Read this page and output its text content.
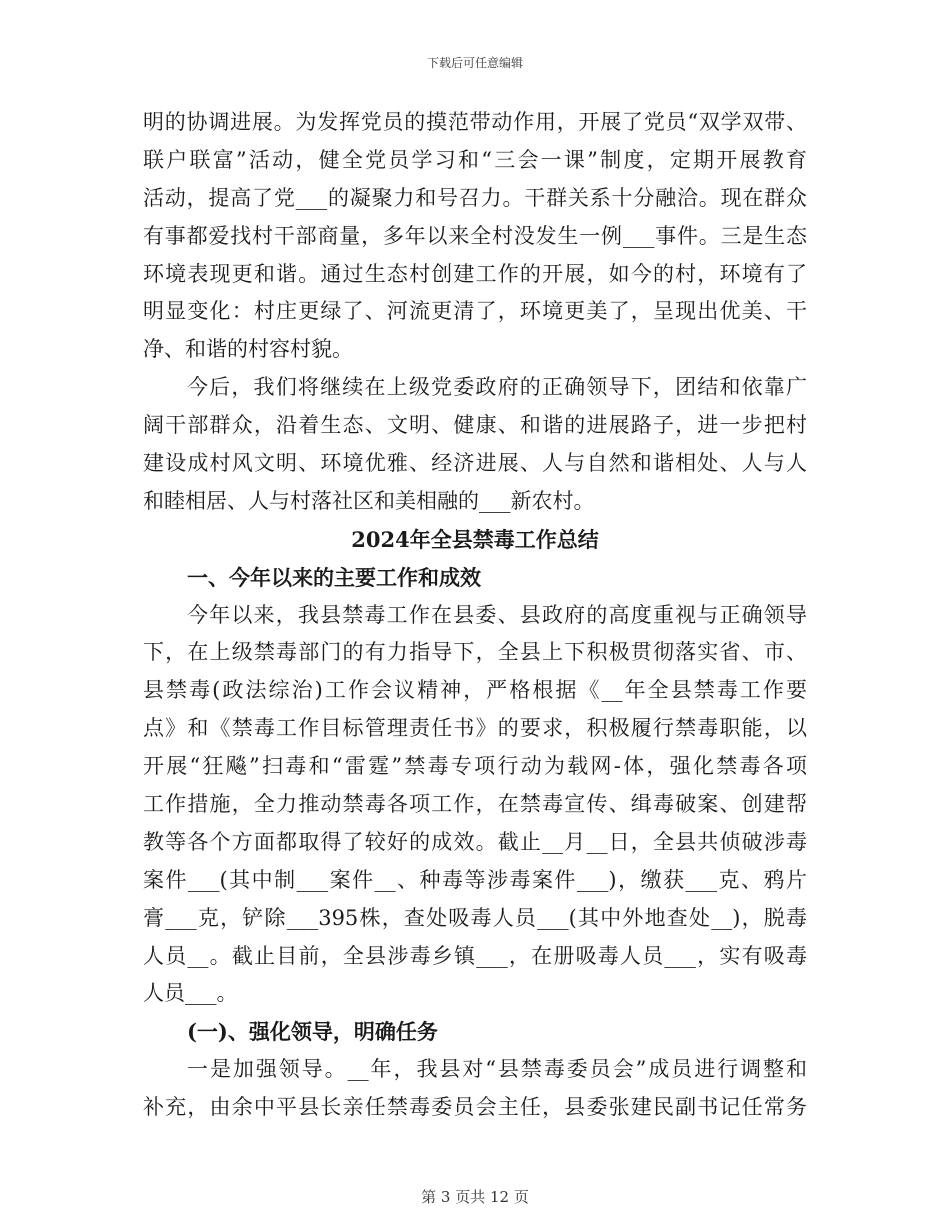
下载后可任意编辑
明的协调进展。为发挥党员的摸范带动作用，开展了党员“双学双带、
联户联富”活动，健全党员学习和“三会一课”制度，定期开展教育
活动，提高了党___的凝聚力和号召力。干群关系十分融洽。现在群众
有事都爱找村干部商量，多年以来全村没发生一例___事件。三是生态
环境表现更和谐。通过生态村创建工作的开展，如今的村，环境有了
明显变化：村庄更绿了、河流更清了，环境更美了，呈现出优美、干
净、和谐的村容村貌。
今后，我们将继续在上级党委政府的正确领导下，团结和依靠广
阔干部群众，沿着生态、文明、健康、和谐的进展路子，进一步把村
建设成村风文明、环境优雅、经济进展、人与自然和谐相处、人与人
和睦相居、人与村落社区和美相融的___新农村。
2024年全县禁毒工作总结
一、今年以来的主要工作和成效
今年以来，我县禁毒工作在县委、县政府的高度重视与正确领导
下，在上级禁毒部门的有力指导下，全县上下积极贯彻落实省、市、
县禁毒(政法综治)工作会议精神，严格根据《__年全县禁毒工作要
点》和《禁毒工作目标管理责任书》的要求，积极履行禁毒职能，以
开展“狂飚”扫毒和“雷霆”禁毒专项行动为载网-体，强化禁毒各项
工作措施，全力推动禁毒各项工作，在禁毒宣传、缉毒破案、创建帮
教等各个方面都取得了较好的成效。截止__月__日，全县共侦破涉毒
案件___(其中制___案件__、种毒等涉毒案件___)，缴获___克、鸦片
膏___克，铲除___395株，查处吸毒人员___(其中外地查处__)，脱毒
人员__。截止目前，全县涉毒乡镇___，在册吸毒人员___，实有吸毒
人员___。
(一)、强化领导，明确任务
一是加强领导。__年，我县对“县禁毒委员会”成员进行调整和
补充，由余中平县长亲任禁毒委员会主任，县委张建民副书记任常务
第 3 页共 12 页
